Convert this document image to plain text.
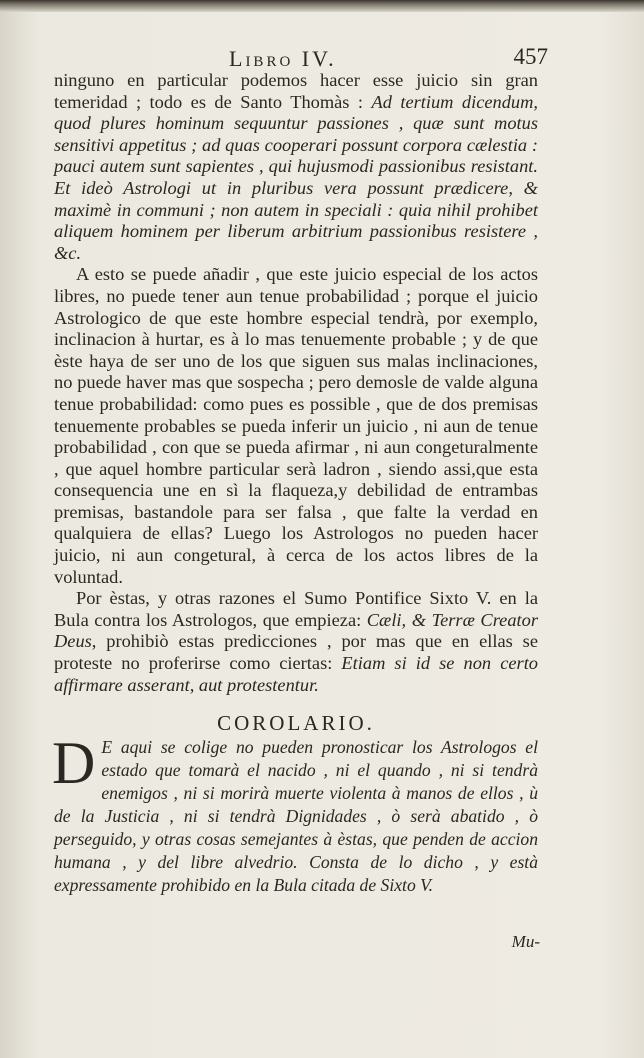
Libro IV.	457

ninguno en particular podemos hacer esse juicio sin gran temeridad ; todo es de Santo Thomàs : Ad tertium dicendum, quod plures hominum sequuntur passiones , quæ sunt motus sensitivi appetitus ; ad quas cooperari possunt corpora cælestia : pauci autem sunt sapientes , qui hujusmodi passionibus resistant. Et ideò Astrologi ut in pluribus vera possunt prædicere, & maximè in communi ; non autem in speciali : quia nihil prohibet aliquem hominem per liberum arbitrium passionibus resistere , &c.

A esto se puede añadir , que este juicio especial de los actos libres, no puede tener aun tenue probabilidad ; porque el juicio Astrologico de que este hombre especial tendrà, por exemplo, inclinacion à hurtar, es à lo mas tenuemente probable ; y de que èste haya de ser uno de los que siguen sus malas inclinaciones, no puede haver mas que sospecha ; pero demosle de valde alguna tenue probabilidad: como pues es possible , que de dos premisas tenuemente probables se pueda inferir un juicio , ni aun de tenue probabilidad , con que se pueda afirmar , ni aun congeturalmente , que aquel hombre particular serà ladron , siendo assi,que esta consequencia une en sì la flaqueza,y debilidad de entrambas premisas, bastandole para ser falsa , que falte la verdad en qualquiera de ellas? Luego los Astrologos no pueden hacer juicio, ni aun congetural, à cerca de los actos libres de la voluntad.

Por èstas, y otras razones el Sumo Pontifice Sixto V. en la Bula contra los Astrologos, que empieza: Cæli, & Terræ Creator Deus, prohibiò estas predicciones , por mas que en ellas se proteste no proferirse como ciertas: Etiam si id se non certo affirmare asserant, aut protestentur.

COROLARIO.

D E aqui se colige no pueden pronosticar los Astrologos el estado que tomarà el nacido , ni el quando , ni si tendrà enemigos , ni si morirà muerte violenta à manos de ellos , ù de la Justicia , ni si tendrà Dignidades , ò serà abatido , ò perseguido, y otras cosas semejantes à èstas, que penden de accion humana , y del libre alvedrio. Consta de lo dicho , y està expressamente prohibido en la Bula citada de Sixto V.

Mu-
